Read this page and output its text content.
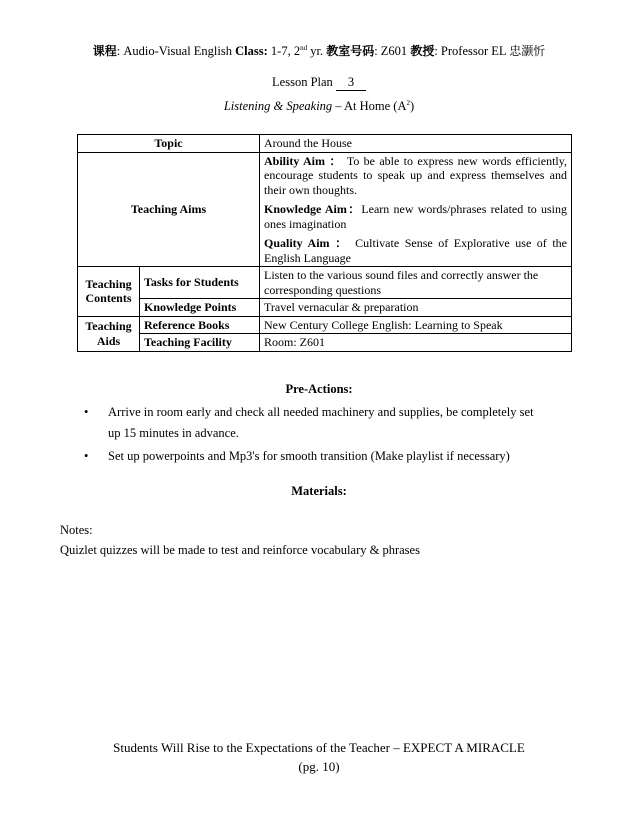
课程: Audio-Visual English Class: 1-7, 2nd yr. 教室号码: Z601 教授: Professor EL 忠灏忻
Lesson Plan 3
Listening & Speaking – At Home $(A^2)$
Topic		Around the House
Teaching Aims		Ability Aim ： To be able to express new words efficiently, encourage students to speak up and express themselves and their own thoughts.

Knowledge Aim：Learn new words/phrases related to using ones imagination

Quality Aim ： Cultivate Sense of Explorative use of the English Language

Teaching Contents	Tasks for Students	Listen to the various sound files and correctly answer the corresponding questions
	Knowledge Points	Travel vernacular & preparation
Teaching Aids	Reference Books	New Century College English: Learning to Speak
	Teaching Facility	Room: Z601
Pre-Actions:
• Arrive in room early and check all needed machinery and supplies, be completely set up 15 minutes in advance.
• Set up powerpoints and Mp3's for smooth transition (Make playlist if necessary)
Materials:
Notes:
Quizlet quizzes will be made to test and reinforce vocabulary & phrases
Students Will Rise to the Expectations of the Teacher – EXPECT A MIRACLE
(pg. 10)
